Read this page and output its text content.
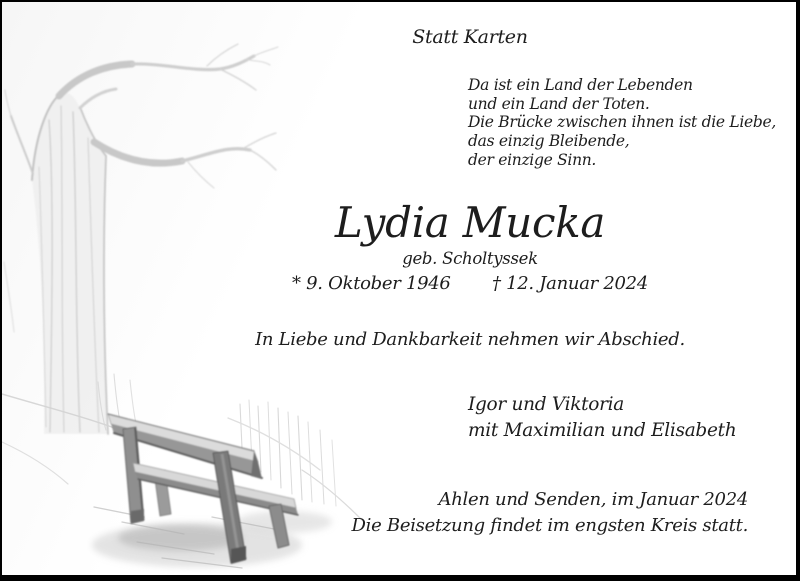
Statt Karten
Da ist ein Land der Lebenden
und ein Land der Toten.
Die Brücke zwischen ihnen ist die Liebe,
das einzig Bleibende,
der einzige Sinn.
Lydia Mucka
geb. Scholtyssek
* 9. Oktober 1946 † 12. Januar 2024
In Liebe und Dankbarkeit nehmen wir Abschied.
Igor und Viktoria
mit Maximilian und Elisabeth
Ahlen und Senden, im Januar 2024
Die Beisetzung findet im engsten Kreis statt.
